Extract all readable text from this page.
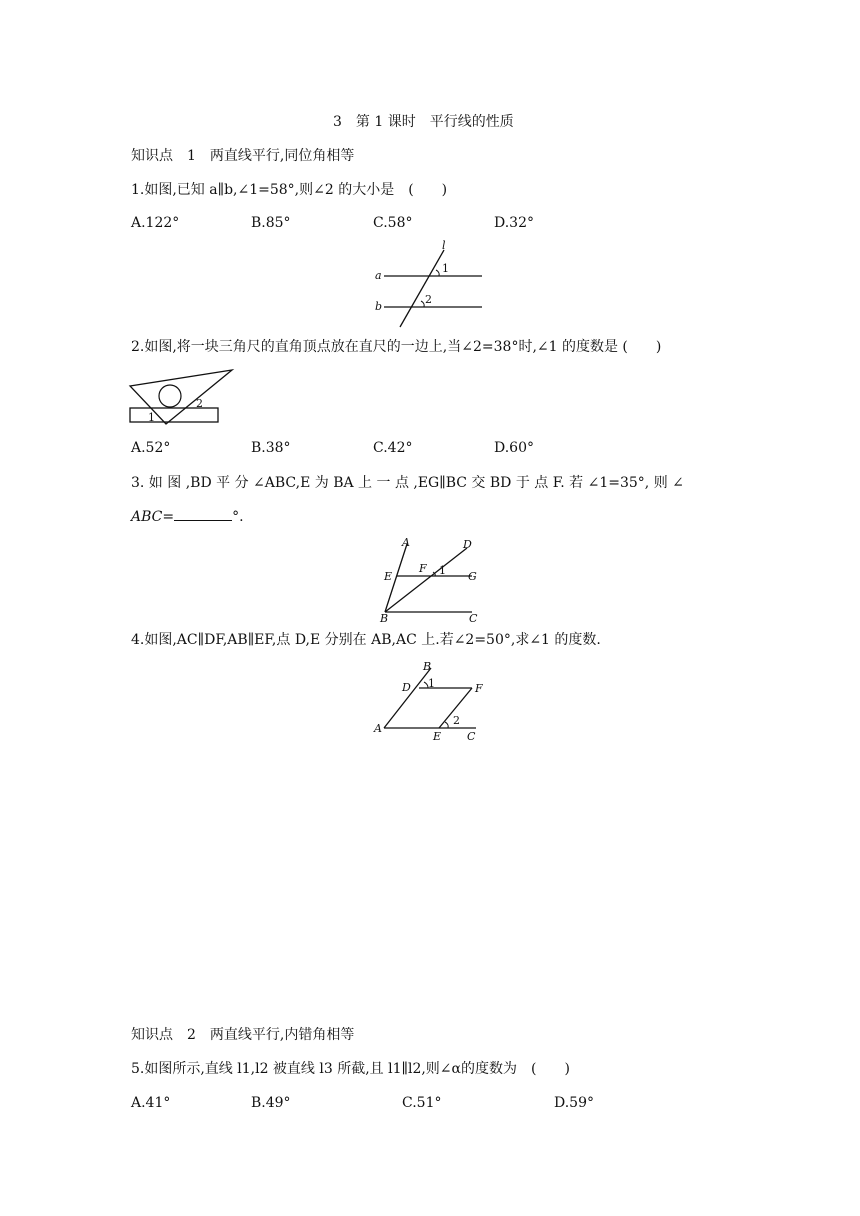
3　第 1 课时　平行线的性质
知识点　1　两直线平行,同位角相等
1.如图,已知 a∥b,∠1=58°,则∠2 的大小是　(　　)
A.122°	B.85°	C.58°	D.32°
l
a
b
1
2
2.如图,将一块三角尺的直角顶点放在直尺的一边上,当∠2=38°时,∠1 的度数是 (　　)
1
2
A.52°	B.38°	C.42°	D.60°
3. 如 图 ,BD 平 分 ∠ABC,E 为 BA 上 一 点 ,EG∥BC 交 BD 于 点 F. 若 ∠1=35°, 则 ∠
ABC=	°.
A	D
E
F 1 G
B	C
4.如图,AC∥DF,AB∥EF,点 D,E 分别在 AB,AC 上.若∠2=50°,求∠1 的度数.
B
D 1	F
2
A
E C
知识点　2　两直线平行,内错角相等
5.如图所示,直线 l1,l2 被直线 l3 所截,且 l1∥l2,则∠α的度数为　(　　)
A.41°	B.49°	C.51°	D.59°
